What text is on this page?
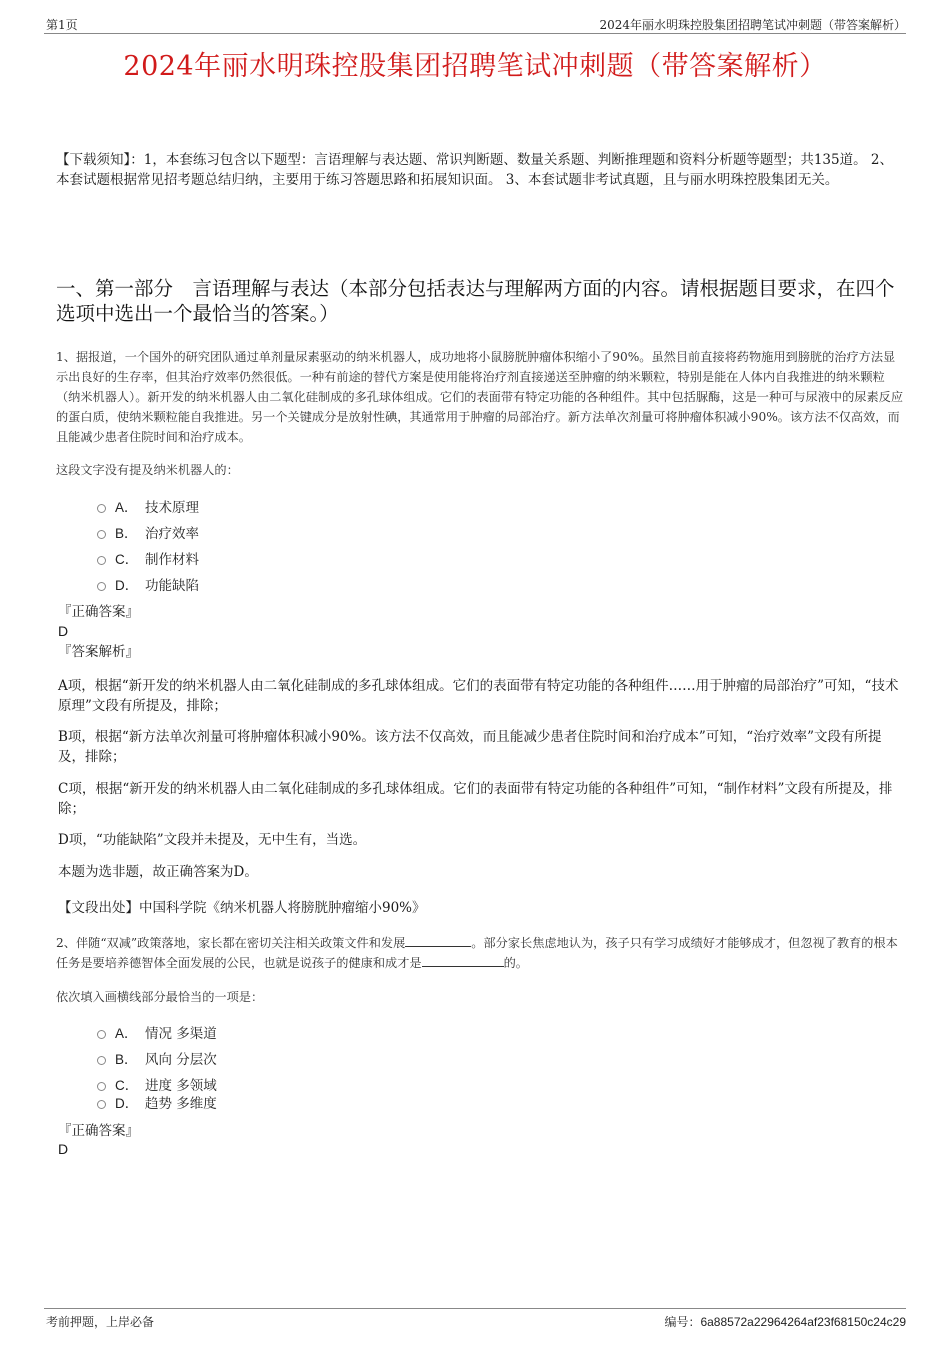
第1页	2024年丽水明珠控股集团招聘笔试冲刺题（带答案解析）
2024年丽水明珠控股集团招聘笔试冲刺题（带答案解析）
【下载须知】：1，本套练习包含以下题型：言语理解与表达题、常识判断题、数量关系题、判断推理题和资料分析题等题型；共135道。 2、本套试题根据常见招考题总结归纳，主要用于练习答题思路和拓展知识面。 3、本套试题非考试真题，且与丽水明珠控股集团无关。
一、第一部分　言语理解与表达（本部分包括表达与理解两方面的内容。请根据题目要求，在四个选项中选出一个最恰当的答案。）
1、据报道，一个国外的研究团队通过单剂量尿素驱动的纳米机器人，成功地将小鼠膀胱肿瘤体积缩小了90%。虽然目前直接将药物施用到膀胱的治疗方法显示出良好的生存率，但其治疗效率仍然很低。一种有前途的替代方案是使用能将治疗剂直接递送至肿瘤的纳米颗粒，特别是能在人体内自我推进的纳米颗粒（纳米机器人）。新开发的纳米机器人由二氧化硅制成的多孔球体组成。它们的表面带有特定功能的各种组件。其中包括脲酶，这是一种可与尿液中的尿素反应的蛋白质，使纳米颗粒能自我推进。另一个关键成分是放射性碘，其通常用于肿瘤的局部治疗。新方法单次剂量可将肿瘤体积减小90%。该方法不仅高效，而且能减少患者住院时间和治疗成本。
这段文字没有提及纳米机器人的：
A． 技术原理
B． 治疗效率
C． 制作材料
D． 功能缺陷
『正确答案』
D
『答案解析』
A项，根据“新开发的纳米机器人由二氧化硅制成的多孔球体组成。它们的表面带有特定功能的各种组件……用于肿瘤的局部治疗”可知，“技术原理”文段有所提及，排除；
B项，根据“新方法单次剂量可将肿瘤体积减小90%。该方法不仅高效，而且能减少患者住院时间和治疗成本”可知，“治疗效率”文段有所提及，排除；
C项，根据“新开发的纳米机器人由二氧化硅制成的多孔球体组成。它们的表面带有特定功能的各种组件”可知，“制作材料”文段有所提及，排除；
D项，“功能缺陷”文段并未提及，无中生有，当选。
本题为选非题，故正确答案为D。
【文段出处】中国科学院《纳米机器人将膀胱肿瘤缩小90%》
2、伴随“双减”政策落地，家长都在密切关注相关政策文件和发展	。部分家长焦虑地认为，孩子只有学习成绩好才能够成才，但忽视了教育的根本任务是要培养德智体全面发展的公民，也就是说孩子的健康和成才是	的。
依次填入画横线部分最恰当的一项是：
A． 情况 多渠道
B． 风向 分层次
C． 进度 多领域
D． 趋势 多维度
『正确答案』
D
考前押题，上岸必备	编号：6a88572a22964264af23f68150c24c29
